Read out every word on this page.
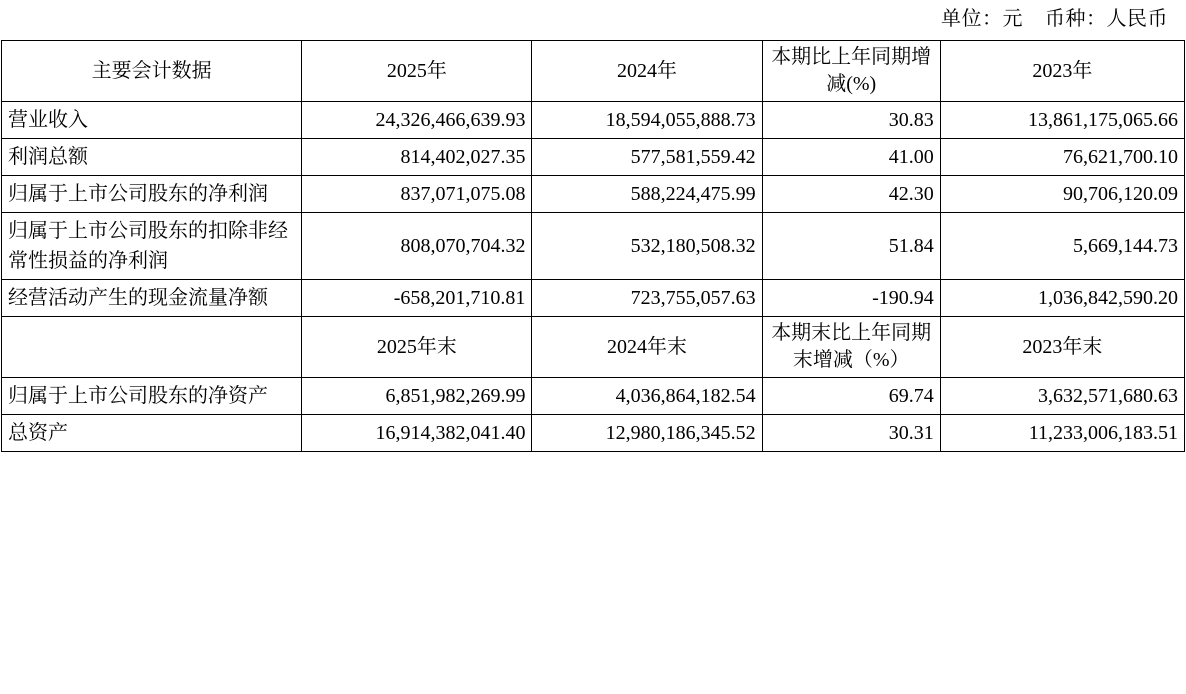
单位：元    币种：人民币
主要会计数据	2025年	2024年	本期比上年同期增减(%)	2023年
营业收入	24,326,466,639.93	18,594,055,888.73	30.83	13,861,175,065.66
利润总额	814,402,027.35	577,581,559.42	41.00	76,621,700.10
归属于上市公司股东的净利润	837,071,075.08	588,224,475.99	42.30	90,706,120.09
归属于上市公司股东的扣除非经常性损益的净利润	808,070,704.32	532,180,508.32	51.84	5,669,144.73
经营活动产生的现金流量净额	-658,201,710.81	723,755,057.63	-190.94	1,036,842,590.20
	2025年末	2024年末	本期末比上年同期末增减（%）	2023年末
归属于上市公司股东的净资产	6,851,982,269.99	4,036,864,182.54	69.74	3,632,571,680.63
总资产	16,914,382,041.40	12,980,186,345.52	30.31	11,233,006,183.51
